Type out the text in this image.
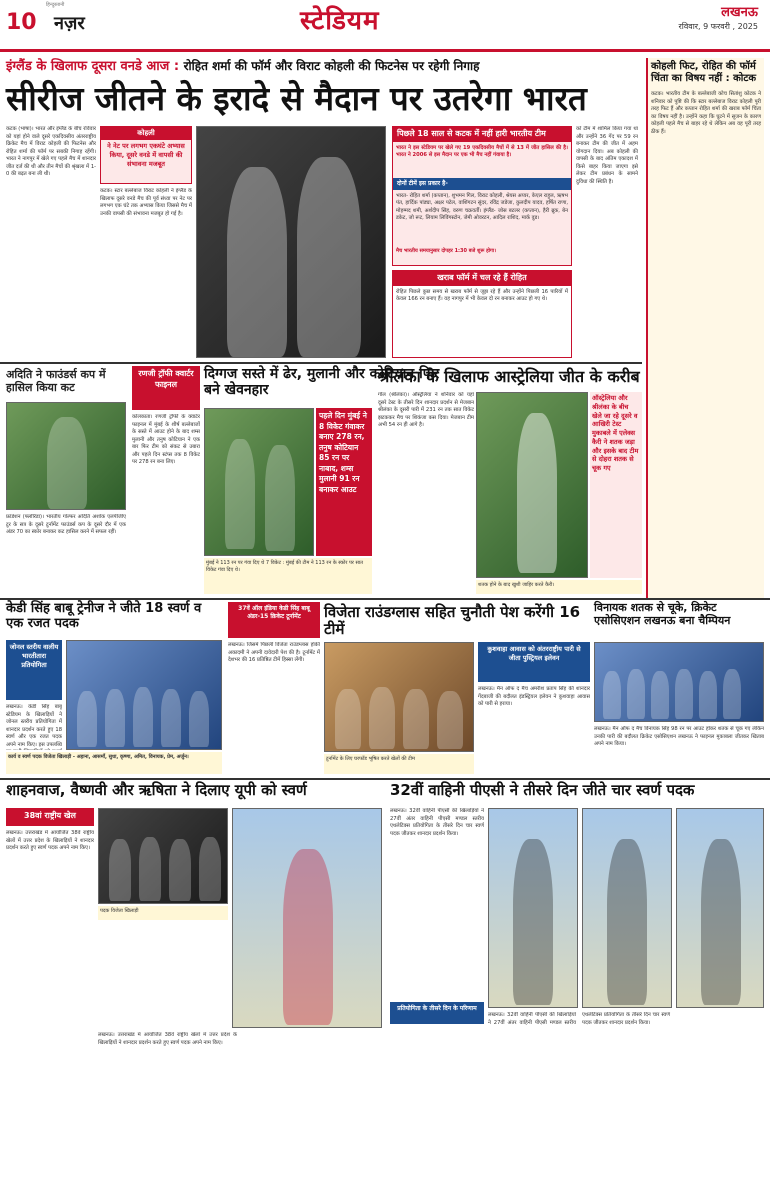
10
हिन्दुस्तानी
नज़र	स्टेडियम	लखनऊ
रविवार, 9 फरवरी , 2025
इंग्लैंड के खिलाफ दूसरा वनडे आज : रोहित शर्मा की फॉर्म और विराट कोहली की फिटनेस पर रहेगी निगाह
सीरीज जीतने के इरादे से मैदान पर उतरेगा भारत
कटक (भाषा)। भारत और इंग्लैंड के बीच रविवार को यहां होने वाले दूसरे एकदिवसीय अंतरराष्ट्रीय क्रिकेट मैच में विराट कोहली की फिटनेस और रोहित शर्मा की फॉर्म पर सबकी निगाह रहेंगी। भारत ने नागपुर में खेले गए पहले मैच में शानदार जीत दर्ज की थी और तीन मैचों की श्रृंखला में 1-0 की बढ़त बना ली थी।
कोहली
ने नेट पर लगभग एकघंटे अभ्यास किया, दूसरे वनडे में वापसी की संभावना मजबूत
कटक। स्टार बल्लेबाज विराट कोहली ने इंग्लैंड के खिलाफ दूसरे वनडे मैच की पूर्व संध्या पर नेट पर लगभग एक घंटे तक अभ्यास किया जिससे मैच में उनकी वापसी की संभावना मजबूत हो गई है।
पिछले 18 साल से कटक में नहीं हारी भारतीय टीम
भारत ने इस स्टेडियम पर खेले गए 19 एकदिवसीय मैचों में से 13 में जीत हासिल की है। भारत ने 2006 से इस मैदान पर एक भी मैच नहीं गंवाया है।
दोनों टीमें इस प्रकार है-
भारत- रोहित शर्मा (कप्तान), शुभमन गिल, विराट कोहली, श्रेयस अय्यर, केएल राहुल, ऋषभ पंत, हार्दिक पांड्या, अक्षर पटेल, वाशिंगटन सुंदर, रविंद्र जडेजा, कुलदीप यादव, हर्षित राणा, मोहम्मद शमी, अर्शदीप सिंह, वरुण चक्रवर्ती। इंग्लैंड- जोस बटलर (कप्तान), हैरी ब्रूक, बेन डकेट, जो रूट, लियाम लिविंगस्टोन, जेमी ओवरटन, आदिल राशिद, मार्क वुड।
मैच भारतीय समयानुसार दोपहर 1:30 बजे शुरू होगा।
खराब फॉर्म में चल रहे हैं रोहित
रोहित पिछले कुछ समय से खराब फॉर्म से जूझ रहे हैं और उन्होंने पिछली 16 पारियों में केवल 166 रन बनाए हैं। वह नागपुर में भी केवल दो रन बनाकर आउट हो गए थे।
को टीम में शामिल किया गया था और उन्होंने 36 गेंद पर 59 रन बनाकर टीम की जीत में अहम योगदान दिया। अब कोहली की वापसी के बाद अंतिम एकादश में किसे बाहर किया जाएगा इसे लेकर टीम प्रबंधन के सामने दुविधा की स्थिति है।
कोहली फिट, रोहित की फॉर्म चिंता का विषय नहीं : कोटक
कटक। भारतीय टीम के बल्लेबाजी कोच सितांशु कोटक ने शनिवार को पुष्टि की कि स्टार बल्लेबाज विराट कोहली पूरी तरह फिट हैं और कप्तान रोहित शर्मा की खराब फॉर्म चिंता का विषय नहीं है। उन्होंने कहा कि घुटने में सूजन के कारण कोहली पहले मैच से बाहर रहे थे लेकिन अब वह पूरी तरह ठीक हैं।
अदिति ने फाउंडर्स कप में हासिल किया कट
फ्रांडेशन (फ्लोरिडा)। भारतीय गोल्फर अदिति अशोक एलपीजीए टूर के सत्र के दूसरे टूर्नामेंट फाउंडर्स कप के दूसरे दौर में एक अंडर 70 का स्कोर बनाकर कट हासिल करने में सफल रहीं।
रणजी ट्रॉफी क्वार्टर फाइनल
दिग्गज सस्ते में ढेर, मुलानी और कोटियान फिर बने खेवनहार
कोलकाता। रणजी ट्रॉफी के क्वार्टर फाइनल में मुंबई के शीर्ष बल्लेबाजों के सस्ते में आउट होने के बाद शम्स मुलानी और तनुष कोटियान ने एक बार फिर टीम को संकट से उबारा और पहले दिन स्टंप्स तक 8 विकेट पर 278 रन बना लिए।
पहले दिन मुंबई ने 8 विकेट गंवाकर बनाए 278 रन, तनुष कोटियान 85 रन पर नाबाद, शम्स मुलानी 91 रन बनाकर आउट
मुंबई ने 113 रन पर गंवा दिए थे 7 विकेट : मुंबई की टीम ने 113 रन के स्कोर पर सात विकेट गंवा दिए थे।
श्रीलंका के खिलाफ आस्ट्रेलिया जीत के करीब
गॉल (श्रीलंका)। ऑस्ट्रेलिया ने शनिवार को यहां दूसरे टेस्ट के तीसरे दिन शानदार प्रदर्शन से मेजबान श्रीलंका के दूसरी पारी में 231 रन तक सात विकेट झटककर मैच पर शिकंजा कस दिया। मेजबान टीम अभी 54 रन ही आगे है।
ऑस्ट्रेलिया और श्रीलंका के बीच खेले जा रहे दूसरे व आखिरी टेस्ट मुकाबले में एलेक्स कैरी ने शतक जड़ा और इसके बाद टीम से दोहरा शतक से चूक गए
शतक होने के बाद खुशी जाहिर करते कैरी।
केडी सिंह बाबू ट्रेनीज ने जीते 18 स्वर्ण व एक रजत पदक
जोनल स्तरीय वालीय भारतीतारा प्रतियोगिता
लखनऊ। केडी सिंह बाबू स्टेडियम के खिलाड़ियों ने जोनल स्तरीय प्रतियोगिता में शानदार प्रदर्शन करते हुए 18 स्वर्ण और एक रजत पदक अपने नाम किए। इस उपलब्धि
कार्य व स्वर्ण पदक विजेता खिलाड़ी - अहाना, आसमाँ, सुधा, कृष्णा, अमित, विनायक, प्रेम, अर्जुन।
37वें ऑल इंडिया केडी सिंह बाबू अंडर-15 क्रिकेट टूर्नामेंट	विजेता राउंडग्लास सहित चुनौती पेश करेंगी 16 टीमें
लखनऊ। जिसमें पिछली विजेता राउंडग्लास होंकी अकादमी ने अपनी दावेदारी पेश की है। टूर्नामेंट में देशभर की 16 प्रतिष्ठित टीमें हिस्सा लेंगी।
टूर्नामेंट के लिए घरफाँड भूषित करते खेलों की टीम
कुशवाहा आवास को अंतरराष्ट्रीय पारी से जीता पुस्ट्रियल इलेवन
लखनऊ। मैन ऑफ द मैच अमरीश प्रताप सिंह की शानदार गेंदबाजी की बदौलत इंडस्ट्रियल इलेवन ने कुशवाहा आवास को पारी से हराया।
विनायक शतक से चूके, क्रिकेट एसोसिएशन लखनऊ बना चैम्पियन
लखनऊ। मैन ऑफ द मैच विनायक सिंह 98 रन पर आउट होकर शतक से चूक गए लेकिन उनकी पारी की बदौलत क्रिकेट एसोसिएशन लखनऊ ने फाइनल मुकाबला जीतकर खिताब अपने नाम किया।
शाहनवाज, वैष्णवी और ऋषिता ने दिलाए यूपी को स्वर्ण
38वां राष्ट्रीय खेल
लखनऊ। उत्तराखंड में आयोजित 38वें राष्ट्रीय खेलों में उत्तर प्रदेश के खिलाड़ियों ने शानदार प्रदर्शन करते हुए स्वर्ण पदक अपने नाम किए।
पदक विजेता खिलाड़ी
लखनऊ। उत्तराखंड में आयोजित 38वें राष्ट्रीय खेलों में उत्तर प्रदेश के खिलाड़ियों ने शानदार प्रदर्शन करते हुए स्वर्ण पदक अपने नाम किए।
32वीं वाहिनी पीएसी ने तीसरे दिन जीते चार स्वर्ण पदक
प्रतियोगिता के तीसरे दिन के परिणाम
लखनऊ। 32वीं वाहिनी पीएसी की खिलाड़ियों ने 27वीं अंतर वाहिनी पीएसी मण्डल स्तरीय एथलेटिक्स प्रतियोगिता के तीसरे दिन चार स्वर्ण पदक जीतकर शानदार प्रदर्शन किया।
लखनऊ। 32वीं वाहिनी पीएसी की खिलाड़ियों ने 27वीं अंतर वाहिनी पीएसी मण्डल स्तरीय एथलेटिक्स प्रतियोगिता के तीसरे दिन चार स्वर्ण पदक जीतकर शानदार प्रदर्शन किया।
